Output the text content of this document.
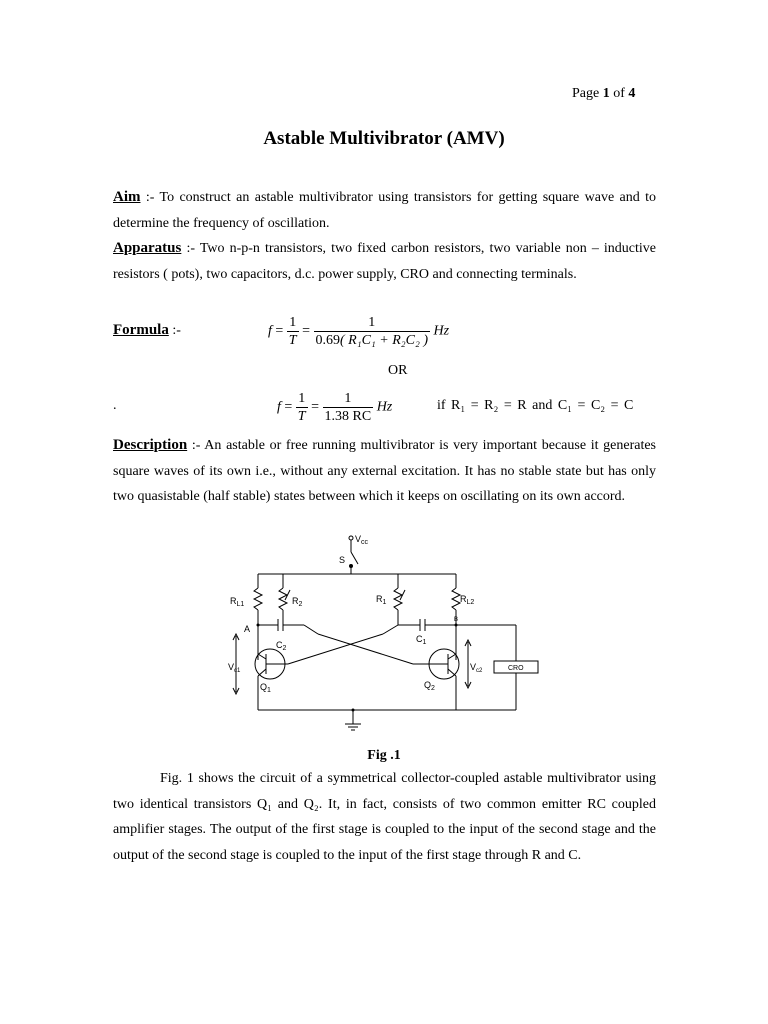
Page 1 of 4
Astable Multivibrator (AMV)
Aim :- To construct an astable multivibrator using transistors for getting square wave and to determine the frequency of oscillation.
Apparatus :- Two n-p-n transistors, two fixed carbon resistors, two variable non – inductive resistors ( pots), two capacitors, d.c. power supply, CRO and connecting terminals.
Formula :-	$f = \frac{1}{T} = \frac{1}{\text{0.69( R₁C₁ + R₂C₂ )}}$ Hz
OR
.	$f = \frac{1}{T} = \frac{1}{1.38 RC}$ Hz	if R₁ = R₂ = R and C₁ = C₂ = C
Description :- An astable or free running multivibrator is very important because it generates square waves of its own i.e., without any external excitation. It has no stable state but has only two quasistable (half stable) states between which it keeps on oscillating on its own accord.
$V_{cc}$
S
$R_{L1}$	$R_2$
$R_1$	$R_{L2}$
A
B
$C_2$
$C_1$
$V_{c1}$	$V_{c2}$
$Q_1$
$Q_2$
CRO
Fig .1
Fig. 1 shows the circuit of a symmetrical collector-coupled astable multivibrator using two identical transistors Q₁ and Q₂. It, in fact, consists of two common emitter RC coupled amplifier stages. The output of the first stage is coupled to the input of the second stage and the output of the second stage is coupled to the input of the first stage through R and C.
